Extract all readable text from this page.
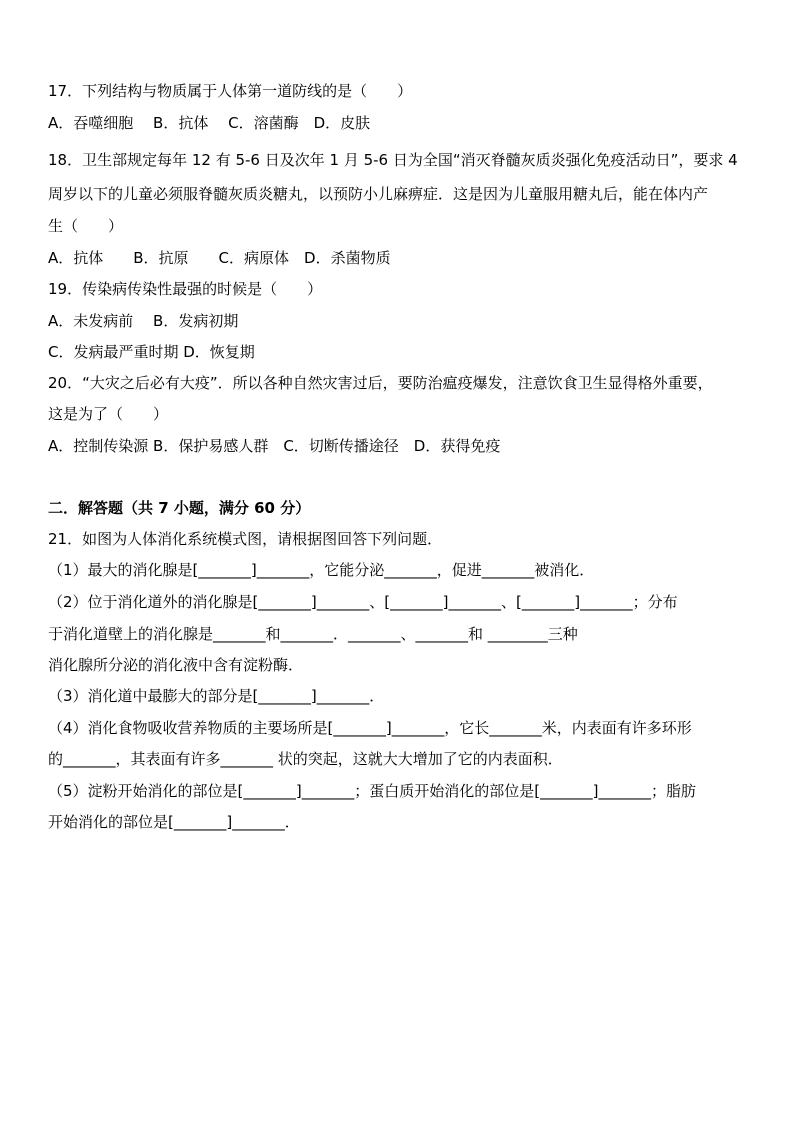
17．下列结构与物质属于人体第一道防线的是（　　）
A．吞噬细胞　 B．抗体　 C．溶菌酶　D．皮肤
18．卫生部规定每年 12 有 5-6 日及次年 1 月 5-6 日为全国“消灭脊髓灰质炎强化免疫活动日”，要求 4
周岁以下的儿童必须服脊髓灰质炎糖丸，以预防小儿麻痹症．这是因为儿童服用糖丸后，能在体内产
生（　　）
A．抗体　　B．抗原　　C．病原体　D．杀菌物质
19．传染病传染性最强的时候是（　　）
A．未发病前　 B．发病初期
C．发病最严重时期 D．恢复期
20．“大灾之后必有大疫”．所以各种自然灾害过后，要防治瘟疫爆发，注意饮食卫生显得格外重要，
这是为了（　　）
A．控制传染源 B．保护易感人群　C．切断传播途径　D．获得免疫
二．解答题（共 7 小题，满分 60 分）
21．如图为人体消化系统模式图，请根据图回答下列问题．
（1）最大的消化腺是[_______]_______，它能分泌_______，促进_______被消化．
（2）位于消化道外的消化腺是[_______]_______、[_______]_______、[_______]_______；分布
于消化道壁上的消化腺是_______和_______．_______、_______和 ________三种
消化腺所分泌的消化液中含有淀粉酶．
（3）消化道中最膨大的部分是[_______]_______．
（4）消化食物吸收营养物质的主要场所是[_______]_______，它长_______米，内表面有许多环形
的_______，其表面有许多_______ 状的突起，这就大大增加了它的内表面积．
（5）淀粉开始消化的部位是[_______]_______；蛋白质开始消化的部位是[_______]_______；脂肪
开始消化的部位是[_______]_______．
